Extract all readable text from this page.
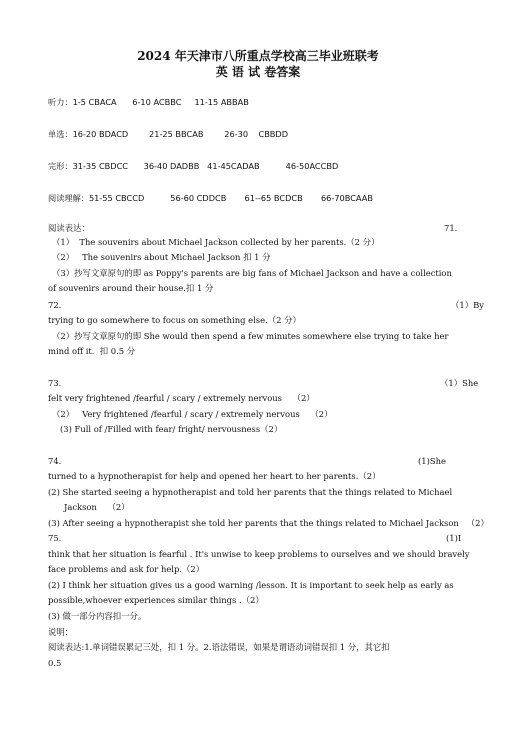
2024 年天津市八所重点学校高三毕业班联考
英 语 试 卷答案
听力：1-5 CBACA      6-10 ACBBC     11-15 ABBAB
单选：16-20 BDACD        21-25 BBCAB        26-30    CBBDD
完形：31-35 CBDCC      36-40 DADBB   41-45CADAB          46-50ACCBD
阅读理解：51-55 CBCCD          56-60 CDDCB       61--65 BCDCB       66-70BCAAB
阅读表达：	71.
（1）  The souvenirs about Michael Jackson collected by her parents.（2 分）
（2）   The souvenirs about Michael Jackson 扣 1 分
（3）抄写文章原句的即 as Poppy's parents are big fans of Michael Jackson and have a collection
of souvenirs around their house.扣 1 分
72.	（1）By
trying to go somewhere to focus on something else.（2 分）
（2）抄写文章原句的即 She would then spend a few minutes somewhere else trying to take her
mind off it.  扣 0.5 分
73.	（1）She
felt very frightened /fearful / scary / extremely nervous    （2）
（2）   Very frightened /fearful / scary / extremely nervous    （2）
(3) Full of /Filled with fear/ fright/ nervousness（2）
74.	(1)She
turned to a hypnotherapist for help and opened her heart to her parents.（2）
(2) She started seeing a hypnotherapist and told her parents that the things related to Michael
Jackson    （2）
(3) After seeing a hypnotherapist she told her parents that the things related to Michael Jackson   （2）
75.	(1)I
think that her situation is fearful . It's unwise to keep problems to ourselves and we should bravely
face problems and ask for help.（2）
(2) I think her situation gives us a good warning /lesson. It is important to seek help as early as
possible,whoever experiences similar things .（2）
(3) 做一部分内容扣一分。
说明：
阅读表达:1.单词错误累记三处，扣 1 分。2.语法错误，如果是谓语动词错误扣 1 分，其它扣
0.5
